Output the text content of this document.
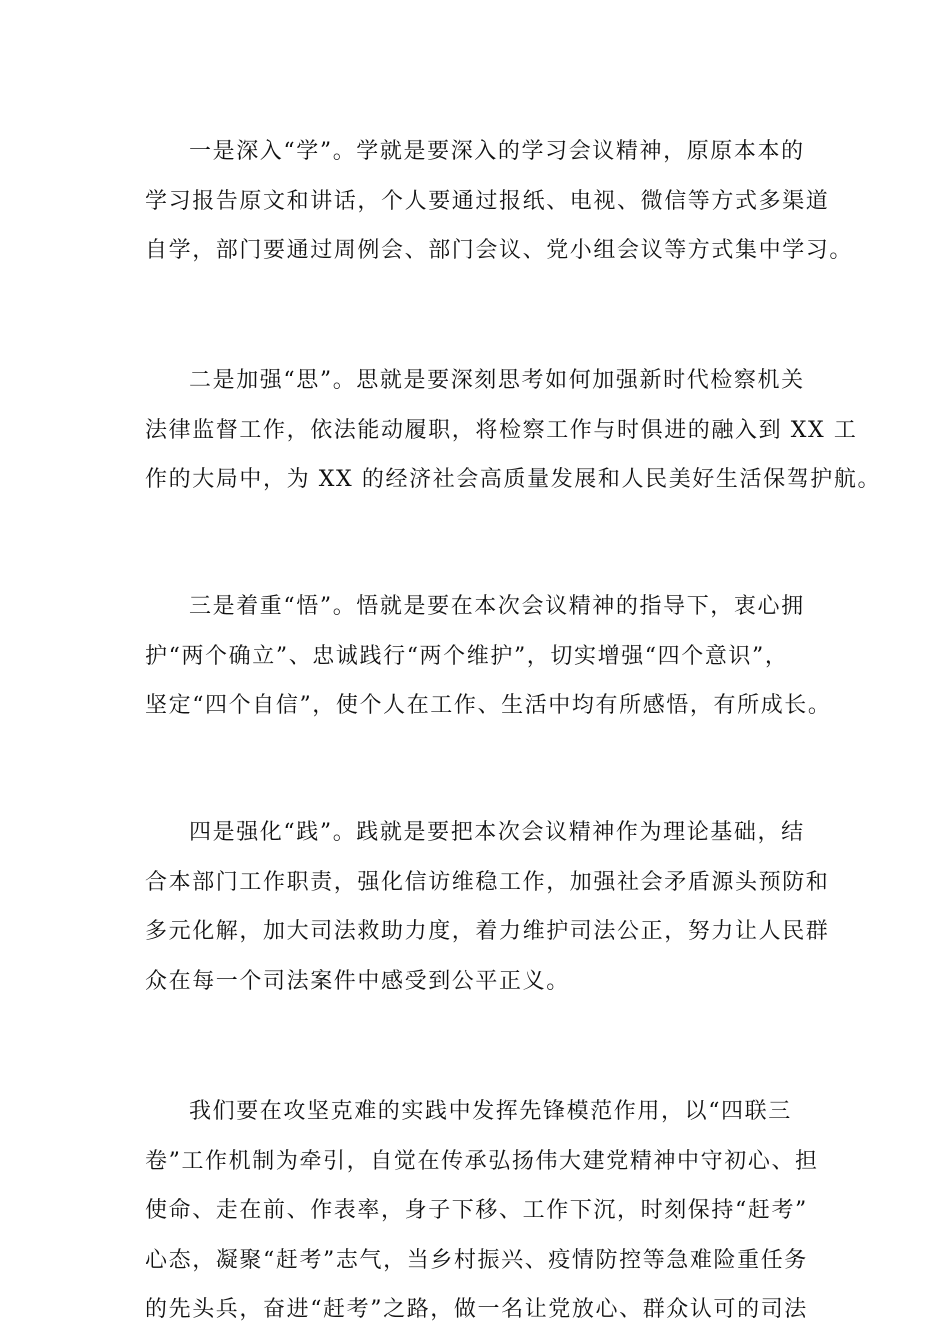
一是深入“学”。学就是要深入的学习会议精神，原原本本的
学习报告原文和讲话，个人要通过报纸、电视、微信等方式多渠道
自学，部门要通过周例会、部门会议、党小组会议等方式集中学习。

二是加强“思”。思就是要深刻思考如何加强新时代检察机关
法律监督工作，依法能动履职，将检察工作与时俱进的融入到 XX 工
作的大局中，为 XX 的经济社会高质量发展和人民美好生活保驾护航。

三是着重“悟”。悟就是要在本次会议精神的指导下，衷心拥
护“两个确立”、忠诚践行“两个维护”，切实增强“四个意识”，
坚定“四个自信”，使个人在工作、生活中均有所感悟，有所成长。

四是强化“践”。践就是要把本次会议精神作为理论基础，结
合本部门工作职责，强化信访维稳工作，加强社会矛盾源头预防和
多元化解，加大司法救助力度，着力维护司法公正，努力让人民群
众在每一个司法案件中感受到公平正义。

我们要在攻坚克难的实践中发挥先锋模范作用，以“四联三
卷”工作机制为牵引，自觉在传承弘扬伟大建党精神中守初心、担
使命、走在前、作表率，身子下移、工作下沉，时刻保持“赶考”
心态，凝聚“赶考”志气，当乡村振兴、疫情防控等急难险重任务
的先头兵，奋进“赶考”之路，做一名让党放心、群众认可的司法
